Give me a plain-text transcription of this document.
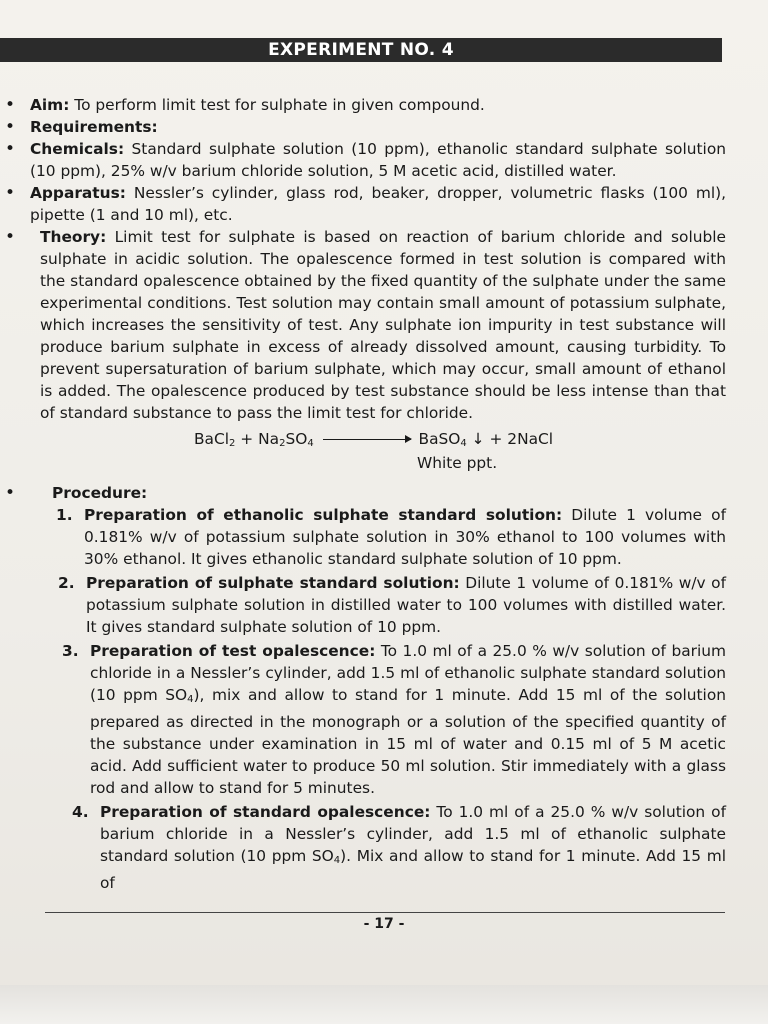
EXPERIMENT NO. 4
• Aim: To perform limit test for sulphate in given compound.
• Requirements:
• Chemicals: Standard sulphate solution (10 ppm), ethanolic standard sulphate solution (10 ppm), 25% w/v barium chloride solution, 5 M acetic acid, distilled water.
• Apparatus: Nessler’s cylinder, glass rod, beaker, dropper, volumetric flasks (100 ml), pipette (1 and 10 ml), etc.
• Theory: Limit test for sulphate is based on reaction of barium chloride and soluble sulphate in acidic solution. The opalescence formed in test solution is compared with the standard opalescence obtained by the fixed quantity of the sulphate under the same experimental conditions. Test solution may contain small amount of potassium sulphate, which increases the sensitivity of test. Any sulphate ion impurity in test substance will produce barium sulphate in excess of already dissolved amount, causing turbidity. To prevent supersaturation of barium sulphate, which may occur, small amount of ethanol is added. The opalescence produced by test substance should be less intense than that of standard substance to pass the limit test for chloride.
BaCl$_2$ + $Na_2SO_4$	BaSO$_4$ ↓ + 2NaCl
White ppt.
• Procedure:
1. Preparation of ethanolic sulphate standard solution: Dilute 1 volume of 0.181% w/v of potassium sulphate solution in 30% ethanol to 100 volumes with 30% ethanol. It gives ethanolic standard sulphate solution of 10 ppm.
2. Preparation of sulphate standard solution: Dilute 1 volume of 0.181% w/v of potassium sulphate solution in distilled water to 100 volumes with distilled water. It gives standard sulphate solution of 10 ppm.
3. Preparation of test opalescence: To 1.0 ml of a 25.0 % w/v solution of barium chloride in a Nessler’s cylinder, add 1.5 ml of ethanolic sulphate standard solution (10 ppm $SO_4$), mix and allow to stand for 1 minute. Add 15 ml of the solution prepared as directed in the monograph or a solution of the specified quantity of the substance under examination in 15 ml of water and 0.15 ml of 5 M acetic acid. Add sufficient water to produce 50 ml solution. Stir immediately with a glass rod and allow to stand for 5 minutes.
4. Preparation of standard opalescence: To 1.0 ml of a 25.0 % w/v solution of barium chloride in a Nessler’s cylinder, add 1.5 ml of ethanolic sulphate standard solution (10 ppm $SO_4$). Mix and allow to stand for 1 minute. Add 15 ml of
- 17 -
